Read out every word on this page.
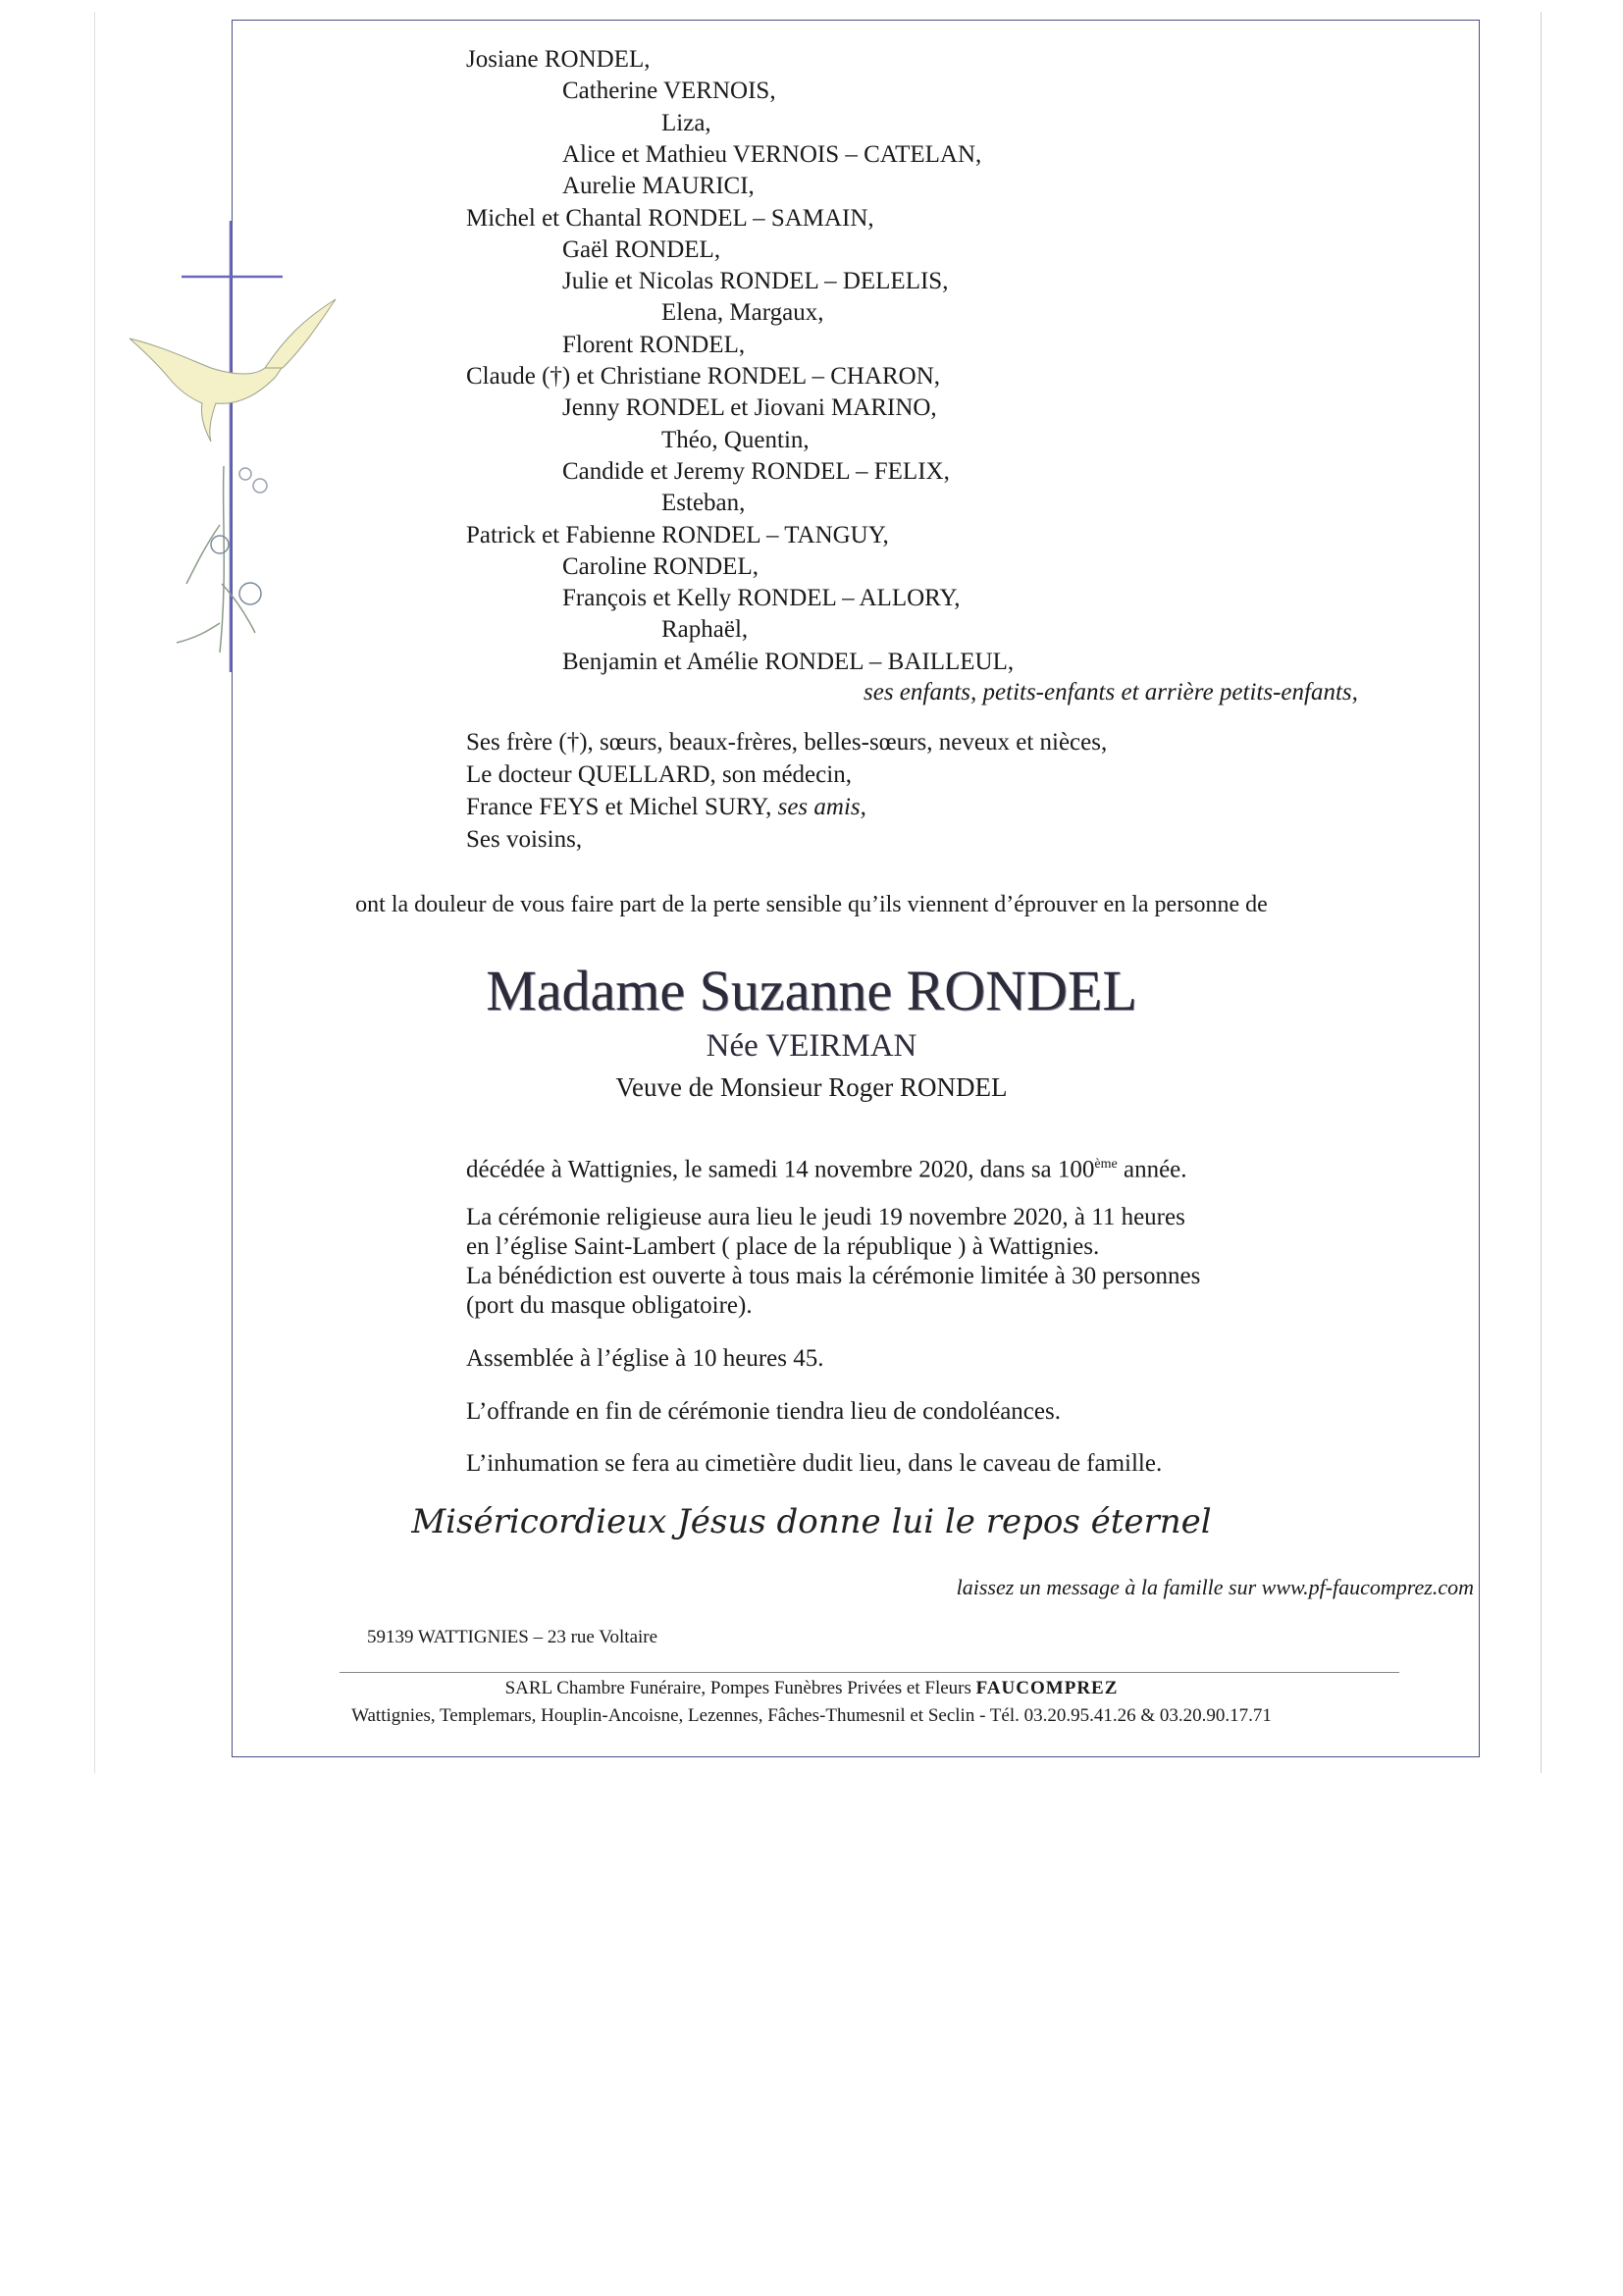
Josiane RONDEL,
Catherine VERNOIS,
Liza,
Alice et Mathieu VERNOIS – CATELAN,
Aurelie MAURICI,
Michel et Chantal RONDEL – SAMAIN,
Gaël RONDEL,
Julie et Nicolas RONDEL – DELELIS,
Elena, Margaux,
Florent RONDEL,
Claude (†) et Christiane RONDEL – CHARON,
Jenny RONDEL et Jiovani MARINO,
Théo, Quentin,
Candide et Jeremy RONDEL – FELIX,
Esteban,
Patrick et Fabienne RONDEL – TANGUY,
Caroline RONDEL,
François et Kelly RONDEL – ALLORY,
Raphaël,
Benjamin et Amélie RONDEL – BAILLEUL,
ses enfants, petits-enfants et arrière petits-enfants,
Ses frère (†), sœurs, beaux-frères, belles-sœurs, neveux et nièces,
Le docteur QUELLARD, son médecin,
France FEYS et Michel SURY, ses amis,
Ses voisins,
ont la douleur de vous faire part de la perte sensible qu’ils viennent d’éprouver en la personne de
Madame Suzanne RONDEL
Née VEIRMAN
Veuve de Monsieur Roger RONDEL
décédée à Wattignies, le samedi 14 novembre 2020, dans sa 100ème année.
La cérémonie religieuse aura lieu le jeudi 19 novembre 2020, à 11 heures
en l’église Saint-Lambert ( place de la république ) à Wattignies.
La bénédiction est ouverte à tous mais la cérémonie limitée à 30 personnes
(port du masque obligatoire).
Assemblée à l’église à 10 heures 45.
L’offrande en fin de cérémonie tiendra lieu de condoléances.
L’inhumation se fera au cimetière dudit lieu, dans le caveau de famille.
Miséricordieux Jésus donne lui le repos éternel
laissez un message à la famille sur www.pf-faucomprez.com
59139 WATTIGNIES – 23 rue Voltaire
SARL Chambre Funéraire, Pompes Funèbres Privées et Fleurs FAUCOMPREZ
Wattignies, Templemars, Houplin-Ancoisne, Lezennes, Fâches-Thumesnil et Seclin - Tél. 03.20.95.41.26 & 03.20.90.17.71
